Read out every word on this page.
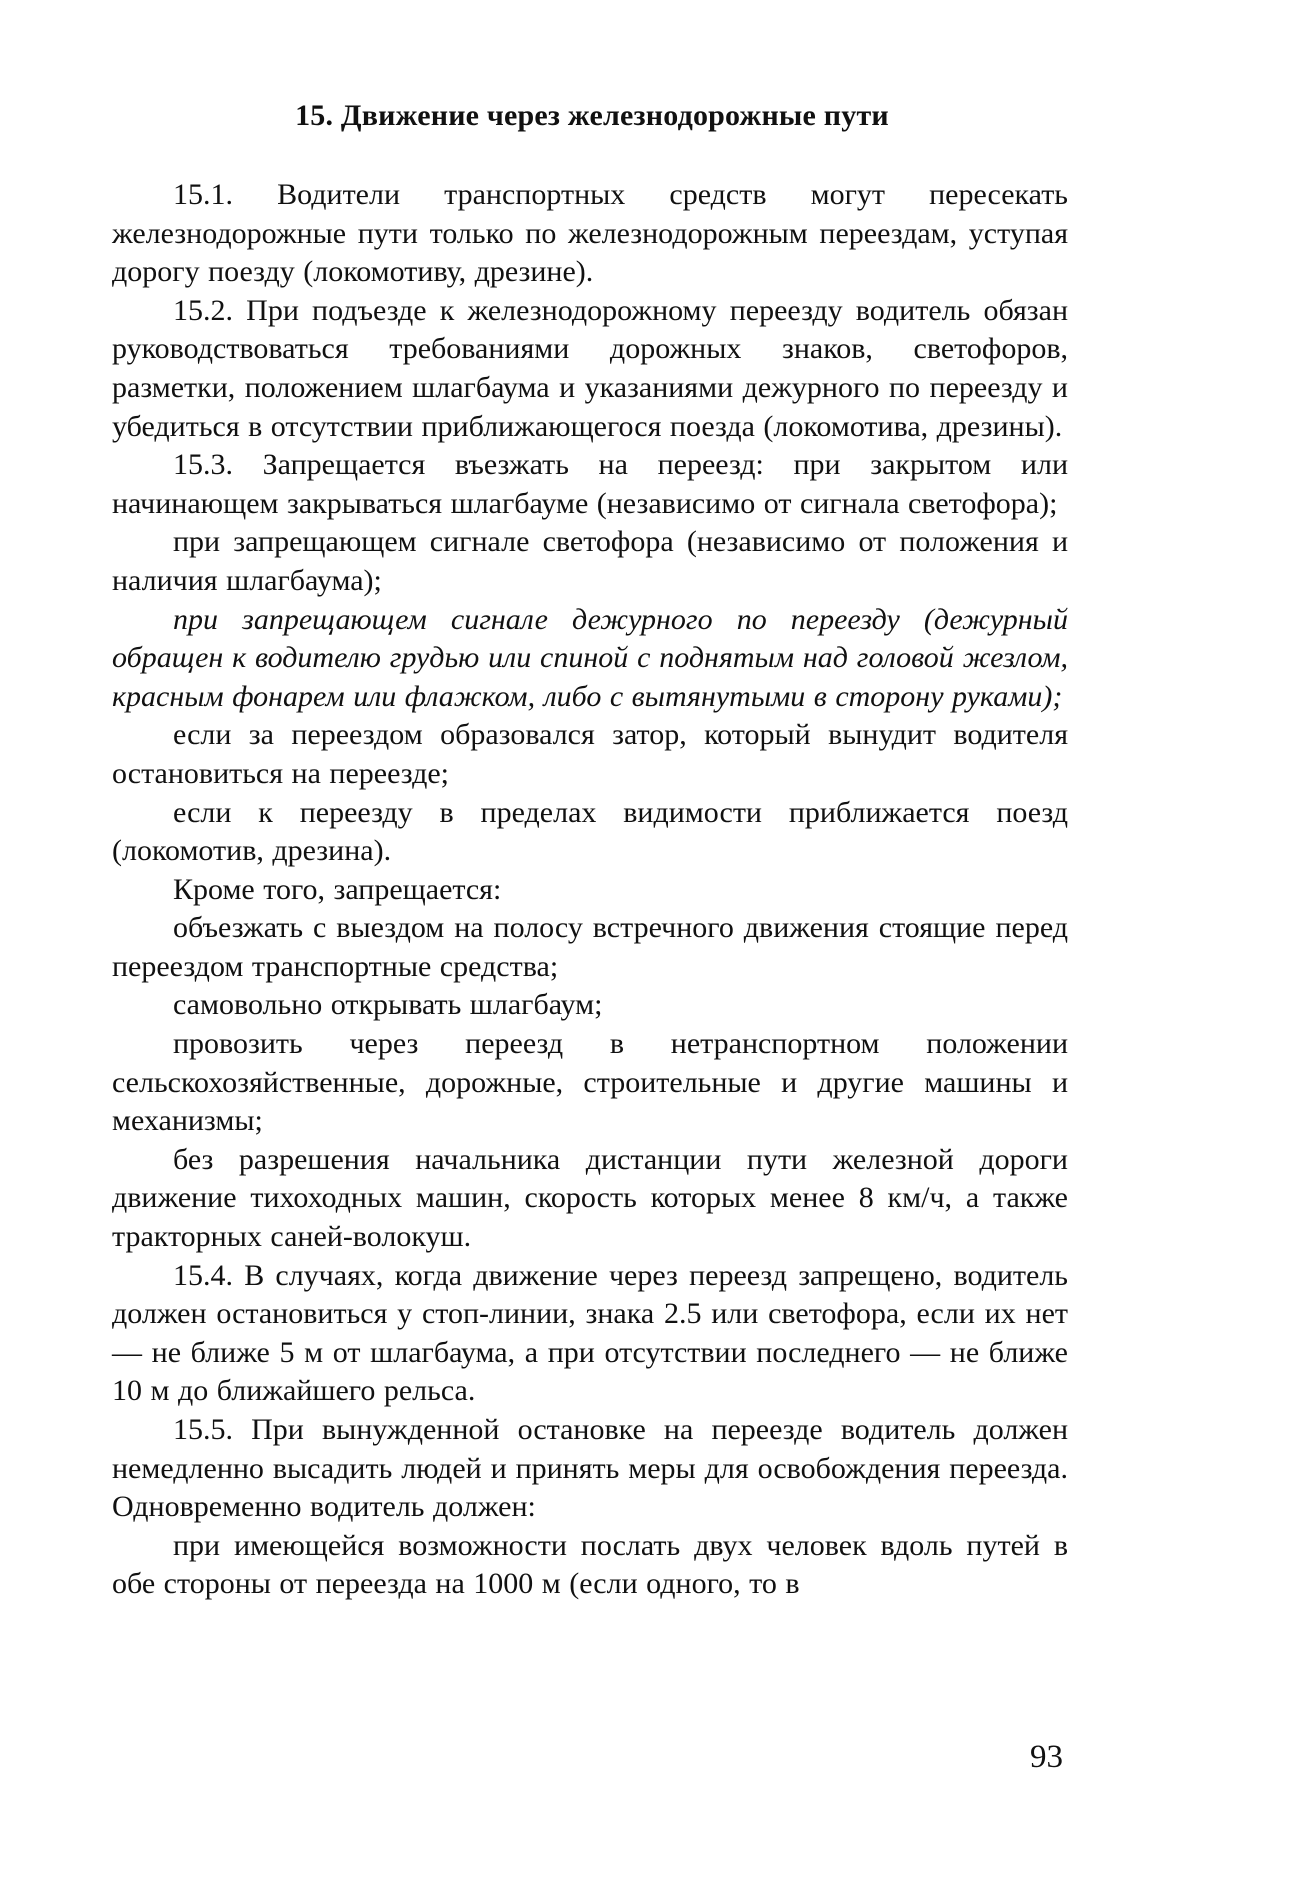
15. Движение через железнодорожные пути

15.1. Водители транспортных средств могут пересекать железнодорожные пути только по железнодорожным переездам, уступая дорогу поезду (локомотиву, дрезине).

15.2. При подъезде к железнодорожному переезду водитель обязан руководствоваться требованиями дорожных знаков, светофоров, разметки, положением шлагбаума и указаниями дежурного по переезду и убедиться в отсутствии приближающегося поезда (локомотива, дрезины).

15.3. Запрещается въезжать на переезд: при закрытом или начинающем закрываться шлагбауме (независимо от сигнала светофора);

при запрещающем сигнале светофора (независимо от положения и наличия шлагбаума);

при запрещающем сигнале дежурного по переезду (дежурный обращен к водителю грудью или спиной с поднятым над головой жезлом, красным фонарем или флажком, либо с вытянутыми в сторону руками);

если за переездом образовался затор, который вынудит водителя остановиться на переезде;

если к переезду в пределах видимости приближается поезд (локомотив, дрезина).

Кроме того, запрещается:

объезжать с выездом на полосу встречного движения стоящие перед переездом транспортные средства;

самовольно открывать шлагбаум;

провозить через переезд в нетранспортном положении сельскохозяйственные, дорожные, строительные и другие машины и механизмы;

без разрешения начальника дистанции пути железной дороги движение тихоходных машин, скорость которых менее 8 км/ч, а также тракторных саней-волокуш.

15.4. В случаях, когда движение через переезд запрещено, водитель должен остановиться у стоп-линии, знака 2.5 или светофора, если их нет — не ближе 5 м от шлагбаума, а при отсутствии последнего — не ближе 10 м до ближайшего рельса.

15.5. При вынужденной остановке на переезде водитель должен немедленно высадить людей и принять меры для освобождения переезда. Одновременно водитель должен:

при имеющейся возможности послать двух человек вдоль путей в обе стороны от переезда на 1000 м (если одного, то в

93
